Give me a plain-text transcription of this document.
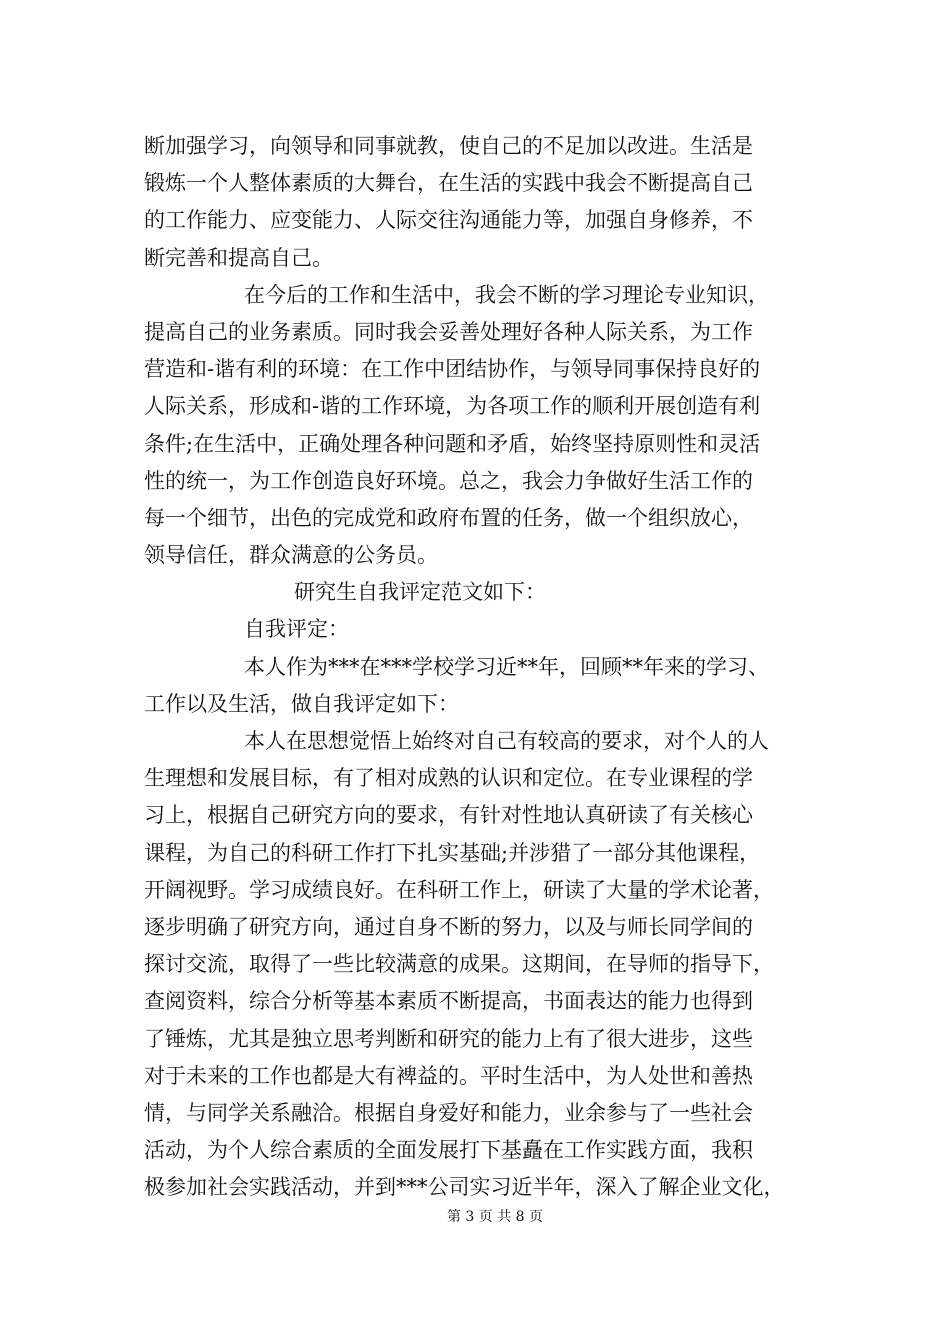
断加强学习，向领导和同事就教，使自己的不足加以改进。生活是
锻炼一个人整体素质的大舞台，在生活的实践中我会不断提高自己
的工作能力、应变能力、人际交往沟通能力等，加强自身修养，不
断完善和提高自己。
在今后的工作和生活中，我会不断的学习理论专业知识，
提高自己的业务素质。同时我会妥善处理好各种人际关系，为工作
营造和-谐有利的环境：在工作中团结协作，与领导同事保持良好的
人际关系，形成和-谐的工作环境，为各项工作的顺利开展创造有利
条件;在生活中，正确处理各种问题和矛盾，始终坚持原则性和灵活
性的统一，为工作创造良好环境。总之，我会力争做好生活工作的
每一个细节，出色的完成党和政府布置的任务，做一个组织放心，
领导信任，群众满意的公务员。
研究生自我评定范文如下：
自我评定：
本人作为***在***学校学习近**年，回顾**年来的学习、
工作以及生活，做自我评定如下：
本人在思想觉悟上始终对自己有较高的要求，对个人的人
生理想和发展目标，有了相对成熟的认识和定位。在专业课程的学
习上，根据自己研究方向的要求，有针对性地认真研读了有关核心
课程，为自己的科研工作打下扎实基础;并涉猎了一部分其他课程，
开阔视野。学习成绩良好。在科研工作上，研读了大量的学术论著，
逐步明确了研究方向，通过自身不断的努力，以及与师长同学间的
探讨交流，取得了一些比较满意的成果。这期间，在导师的指导下，
查阅资料，综合分析等基本素质不断提高，书面表达的能力也得到
了锤炼，尤其是独立思考判断和研究的能力上有了很大进步，这些
对于未来的工作也都是大有裨益的。平时生活中，为人处世和善热
情，与同学关系融洽。根据自身爱好和能力，业余参与了一些社会
活动，为个人综合素质的全面发展打下基矗在工作实践方面，我积
极参加社会实践活动，并到***公司实习近半年，深入了解企业文化，
第 3 页 共 8 页
